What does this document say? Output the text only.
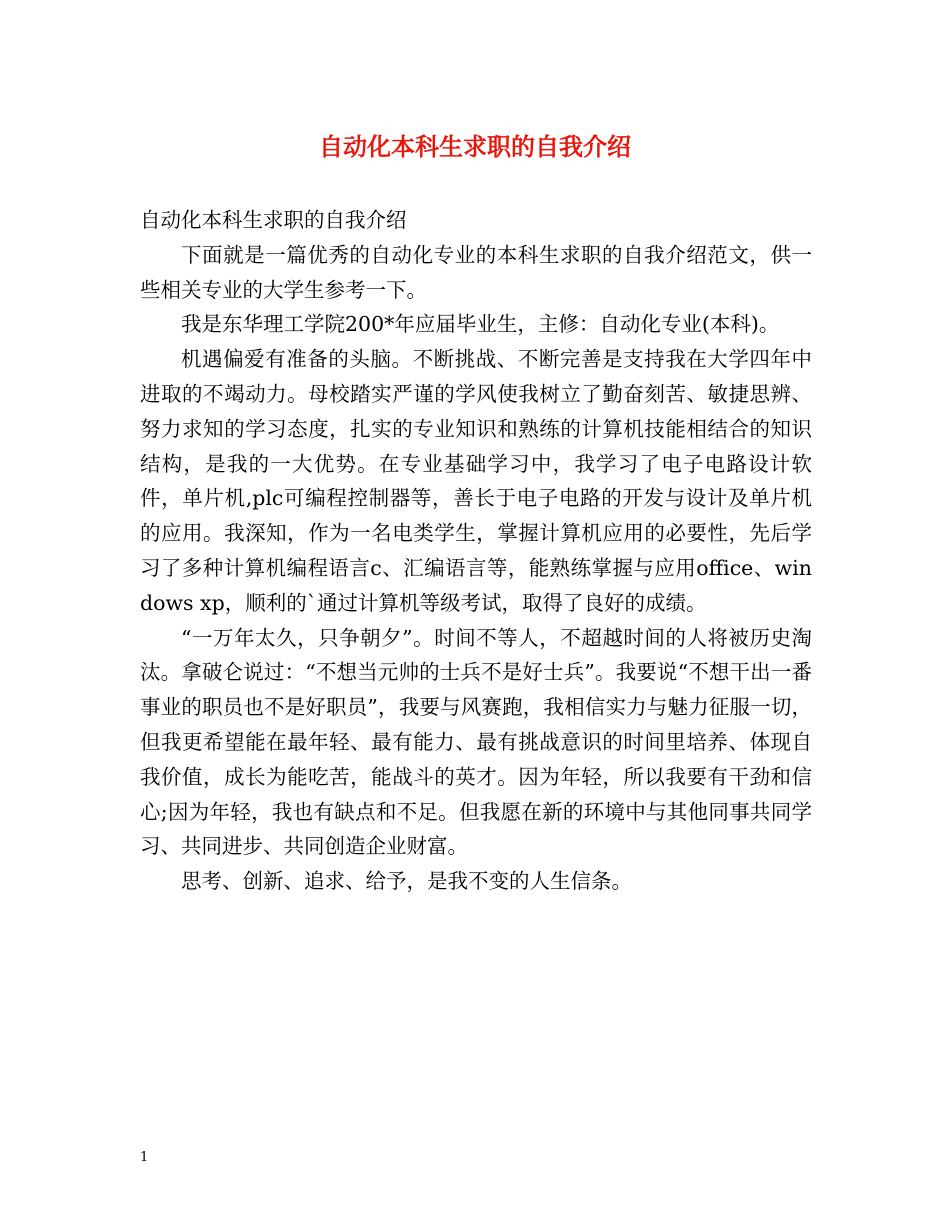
自动化本科生求职的自我介绍

自动化本科生求职的自我介绍

下面就是一篇优秀的自动化专业的本科生求职的自我介绍范文，供一些相关专业的大学生参考一下。

我是东华理工学院200*年应届毕业生，主修：自动化专业(本科)。

机遇偏爱有准备的头脑。不断挑战、不断完善是支持我在大学四年中进取的不竭动力。母校踏实严谨的学风使我树立了勤奋刻苦、敏捷思辨、努力求知的学习态度，扎实的专业知识和熟练的计算机技能相结合的知识结构，是我的一大优势。在专业基础学习中，我学习了电子电路设计软件，单片机,plc可编程控制器等，善长于电子电路的开发与设计及单片机的应用。我深知，作为一名电类学生，掌握计算机应用的必要性，先后学习了多种计算机编程语言c、汇编语言等，能熟练掌握与应用office、windows xp，顺利的`通过计算机等级考试，取得了良好的成绩。

“一万年太久，只争朝夕”。时间不等人，不超越时间的人将被历史淘汰。拿破仑说过：“不想当元帅的士兵不是好士兵”。我要说“不想干出一番事业的职员也不是好职员”，我要与风赛跑，我相信实力与魅力征服一切，但我更希望能在最年轻、最有能力、最有挑战意识的时间里培养、体现自我价值，成长为能吃苦，能战斗的英才。因为年轻，所以我要有干劲和信心;因为年轻，我也有缺点和不足。但我愿在新的环境中与其他同事共同学习、共同进步、共同创造企业财富。

思考、创新、追求、给予，是我不变的人生信条。

1
